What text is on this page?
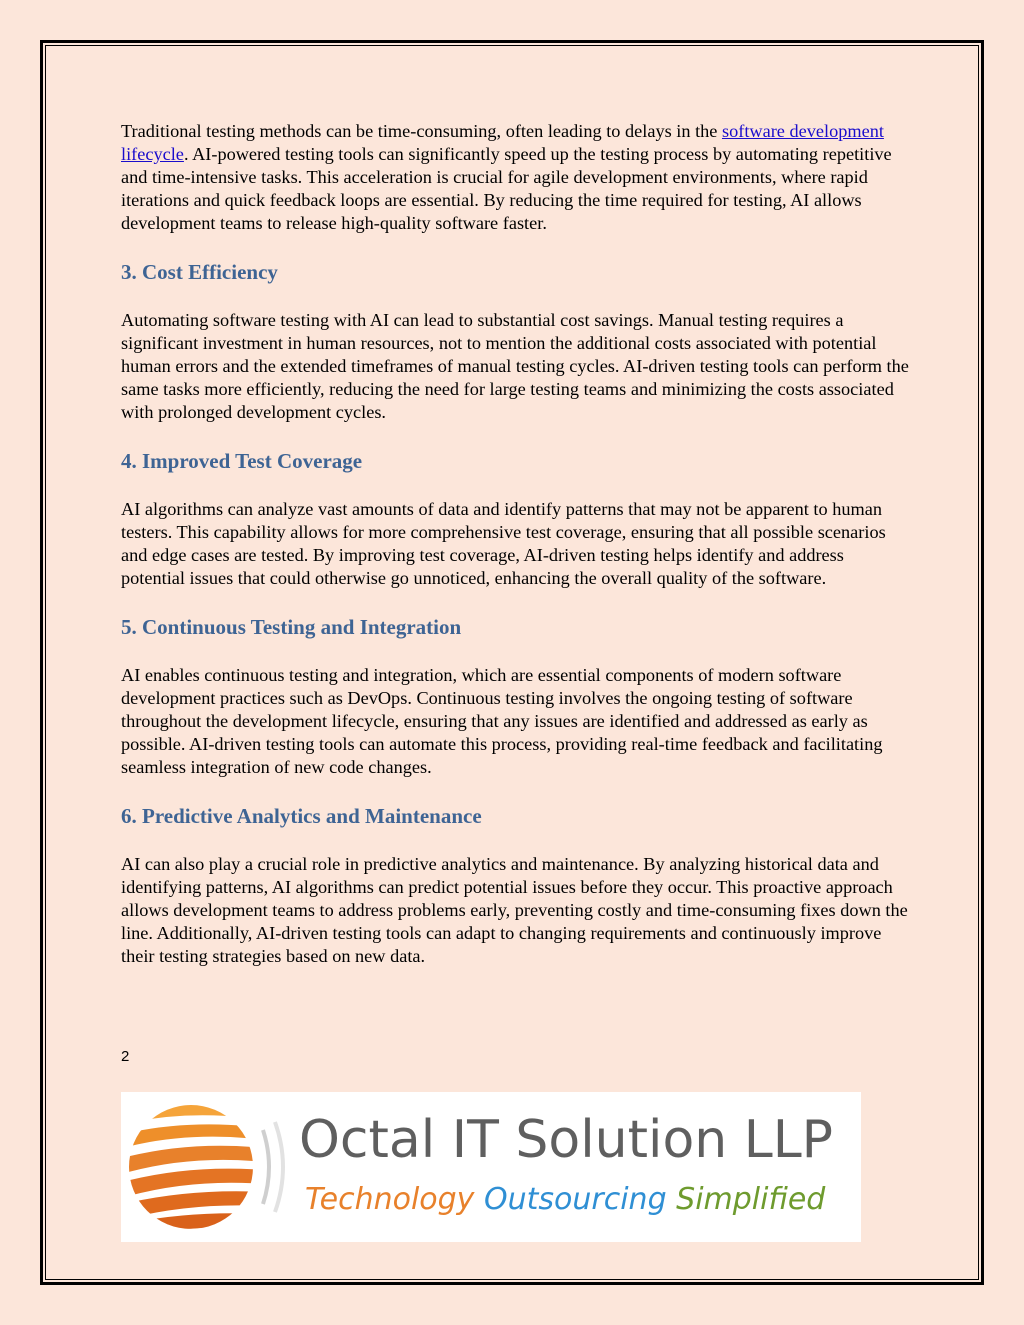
Traditional testing methods can be time-consuming, often leading to delays in the software development lifecycle. AI-powered testing tools can significantly speed up the testing process by automating repetitive and time-intensive tasks. This acceleration is crucial for agile development environments, where rapid iterations and quick feedback loops are essential. By reducing the time required for testing, AI allows development teams to release high-quality software faster.

3. Cost Efficiency

Automating software testing with AI can lead to substantial cost savings. Manual testing requires a significant investment in human resources, not to mention the additional costs associated with potential human errors and the extended timeframes of manual testing cycles. AI-driven testing tools can perform the same tasks more efficiently, reducing the need for large testing teams and minimizing the costs associated with prolonged development cycles.

4. Improved Test Coverage

AI algorithms can analyze vast amounts of data and identify patterns that may not be apparent to human testers. This capability allows for more comprehensive test coverage, ensuring that all possible scenarios and edge cases are tested. By improving test coverage, AI-driven testing helps identify and address potential issues that could otherwise go unnoticed, enhancing the overall quality of the software.

5. Continuous Testing and Integration

AI enables continuous testing and integration, which are essential components of modern software development practices such as DevOps. Continuous testing involves the ongoing testing of software throughout the development lifecycle, ensuring that any issues are identified and addressed as early as possible. AI-driven testing tools can automate this process, providing real-time feedback and facilitating seamless integration of new code changes.

6. Predictive Analytics and Maintenance

AI can also play a crucial role in predictive analytics and maintenance. By analyzing historical data and identifying patterns, AI algorithms can predict potential issues before they occur. This proactive approach allows development teams to address problems early, preventing costly and time-consuming fixes down the line. Additionally, AI-driven testing tools can adapt to changing requirements and continuously improve their testing strategies based on new data.

2
Octal IT Solution LLP
Technology Outsourcing Simplified
